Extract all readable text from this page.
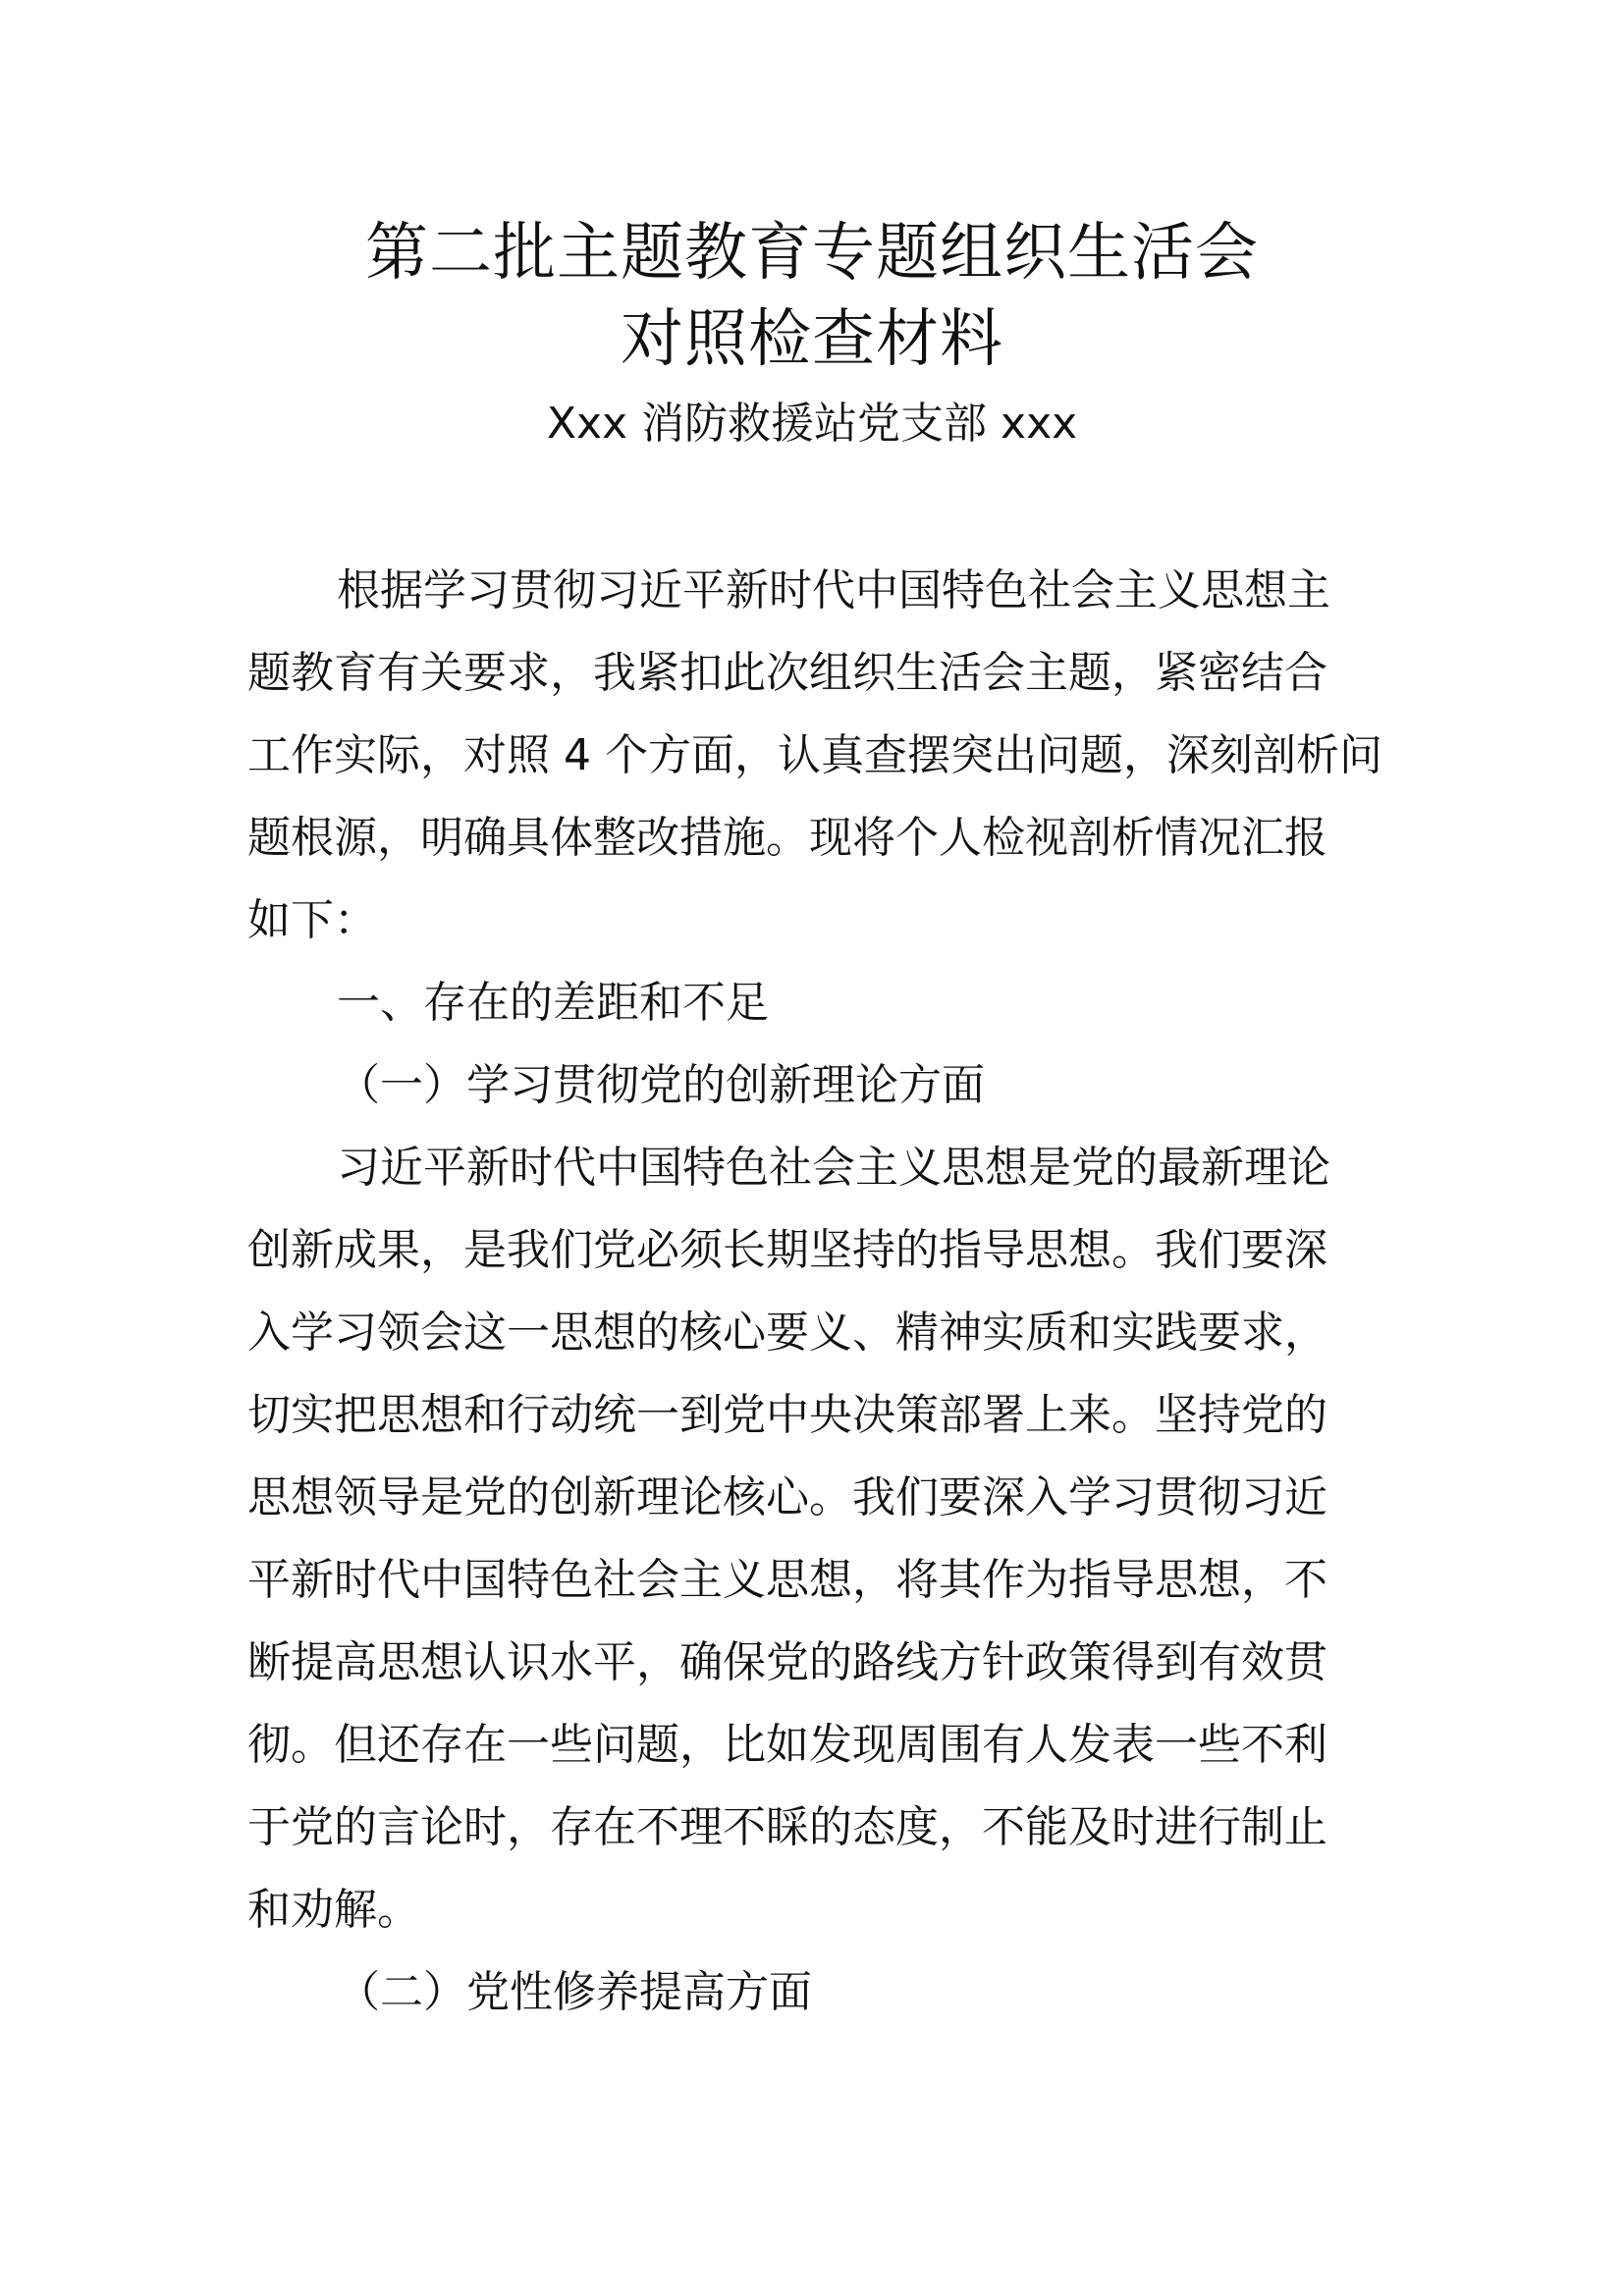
第二批主题教育专题组织生活会
对照检查材料

Xxx 消防救援站党支部 xxx

根据学习贯彻习近平新时代中国特色社会主义思想主

题教育有关要求，我紧扣此次组织生活会主题，紧密结合

工作实际，对照 4 个方面，认真查摆突出问题，深刻剖析问

题根源，明确具体整改措施。现将个人检视剖析情况汇报

如下：

一、存在的差距和不足

（一）学习贯彻党的创新理论方面

习近平新时代中国特色社会主义思想是党的最新理论

创新成果，是我们党必须长期坚持的指导思想。我们要深

入学习领会这一思想的核心要义、精神实质和实践要求，

切实把思想和行动统一到党中央决策部署上来。坚持党的

思想领导是党的创新理论核心。我们要深入学习贯彻习近

平新时代中国特色社会主义思想，将其作为指导思想，不

断提高思想认识水平，确保党的路线方针政策得到有效贯

彻。但还存在一些问题，比如发现周围有人发表一些不利

于党的言论时，存在不理不睬的态度，不能及时进行制止

和劝解。

（二）党性修养提高方面
